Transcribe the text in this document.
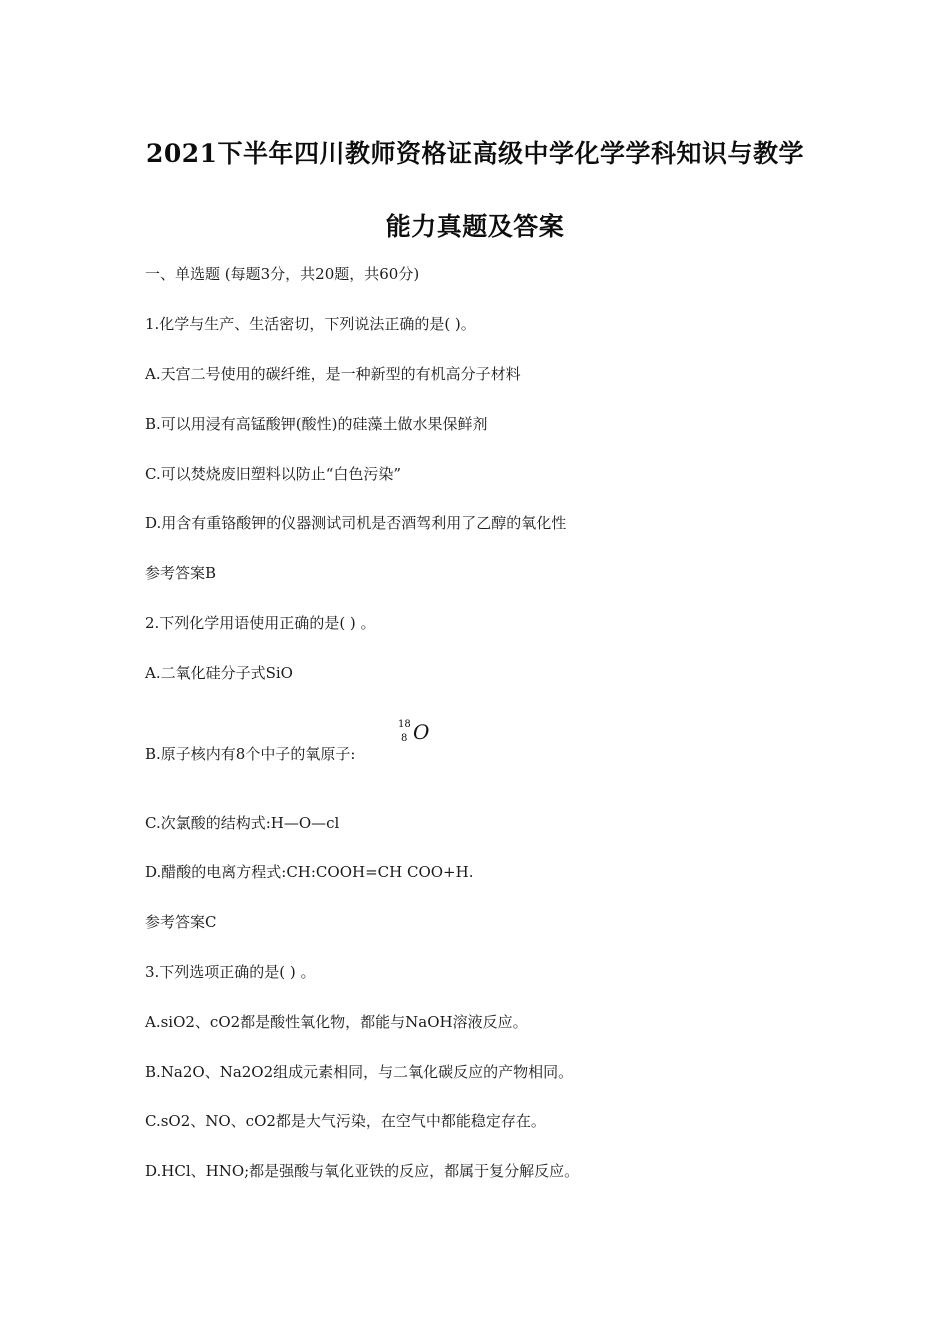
2021下半年四川教师资格证高级中学化学学科知识与教学
能力真题及答案
一、单选题 (每题3分，共20题，共60分)
1.化学与生产、生活密切，下列说法正确的是( )。
A.天宫二号使用的碳纤维，是一种新型的有机高分子材料
B.可以用浸有高锰酸钾(酸性)的硅藻土做水果保鲜剂
C.可以焚烧废旧塑料以防止“白色污染”
D.用含有重铬酸钾的仪器测试司机是否酒驾利用了乙醇的氧化性
参考答案B
2.下列化学用语使用正确的是( ) 。
A.二氧化硅分子式SiO
B.原子核内有8个中子的氧原子:
18
8 O
C.次氯酸的结构式:H—O—cl
D.醋酸的电离方程式:CH:COOH=CH COO+H.
参考答案C
3.下列选项正确的是( ) 。
A.siO2、cO2都是酸性氧化物，都能与NaOH溶液反应。
B.Na2O、Na2O2组成元素相同，与二氧化碳反应的产物相同。
C.sO2、NO、cO2都是大气污染，在空气中都能稳定存在。
D.HCl、HNO;都是强酸与氧化亚铁的反应，都属于复分解反应。
